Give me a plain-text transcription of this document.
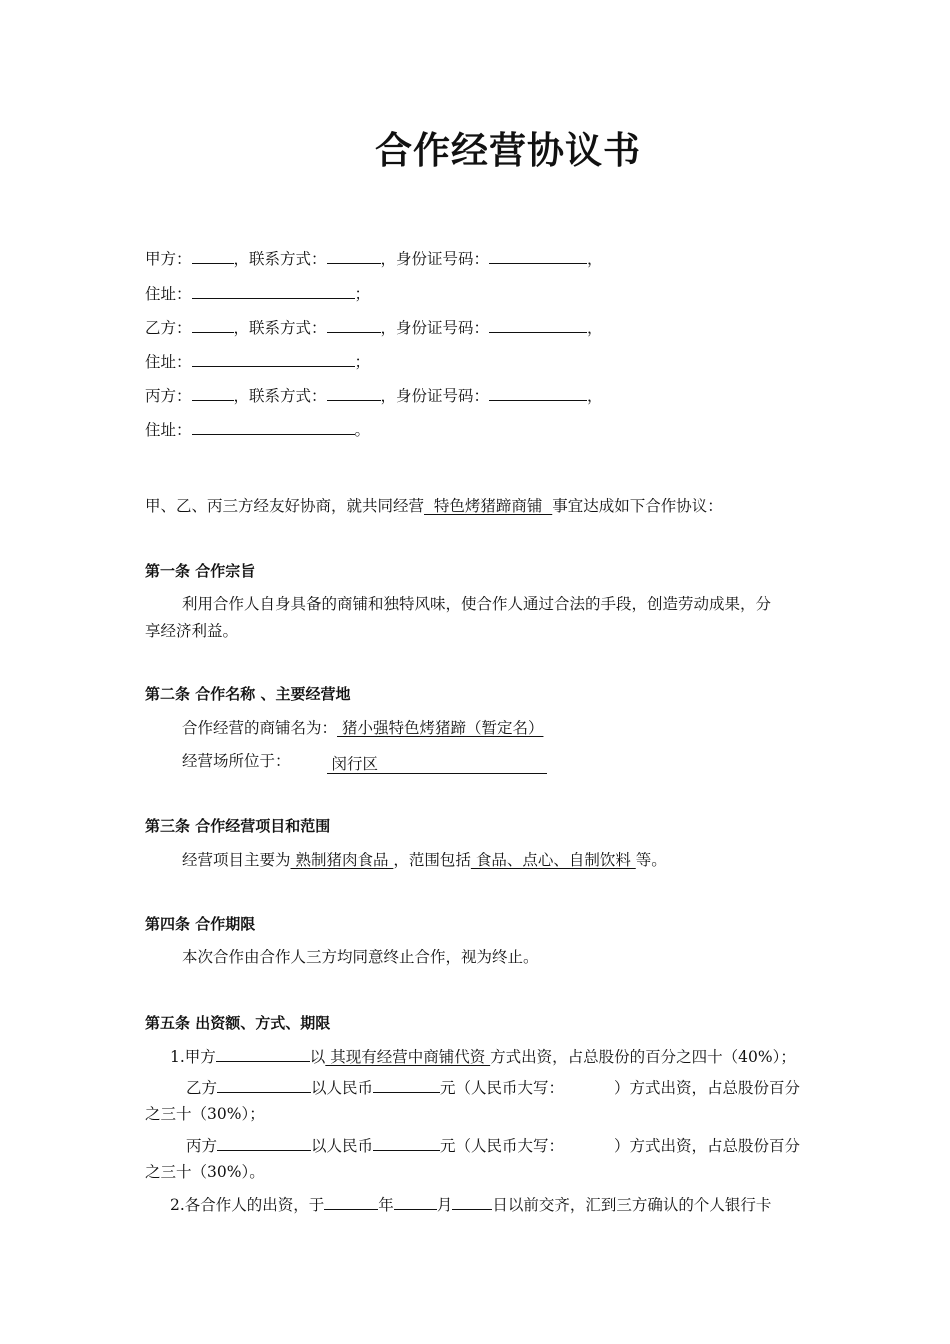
合作经营协议书
甲方：	，联系方式：	，身份证号码：	，
住址：	；
乙方：	，联系方式：	，身份证号码：	，
住址：	；
丙方：	，联系方式：	，身份证号码：	，
住址：	。
甲、乙、丙三方经友好协商，就共同经营  特色烤猪蹄商铺  事宜达成如下合作协议：
第一条 合作宗旨
利用合作人自身具备的商铺和独特风味，使合作人通过合法的手段，创造劳动成果，分
享经济利益。
第二条 合作名称 、主要经营地
合作经营的商铺名为： 猪小强特色烤猪蹄（暂定名）
经营场所位于： 闵行区
第三条 合作经营项目和范围
经营项目主要为 熟制猪肉食品 ，范围包括 食品、点心、自制饮料 等。
第四条 合作期限
本次合作由合作人三方均同意终止合作，视为终止。
第五条 出资额、方式、期限
1.甲方	以 其现有经营中商铺代资 方式出资，占总股份的百分之四十（40%）；
乙方	以人民币	元（人民币大写：	）方式出资，占总股份百分
之三十（30%）；
丙方	以人民币	元（人民币大写：	）方式出资，占总股份百分
之三十（30%）。
2.各合作人的出资，于	年	月	日以前交齐，汇到三方确认的个人银行卡
